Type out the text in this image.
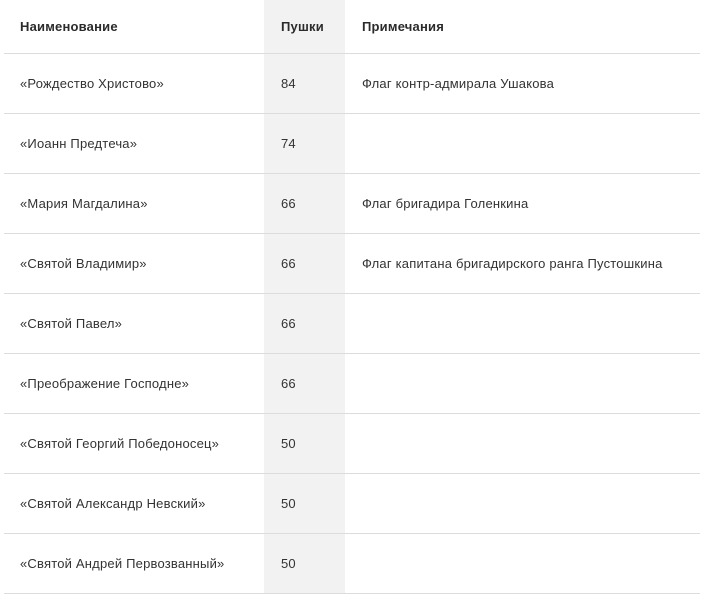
Наименование	Пушки	Примечания
«Рождество Христово»	84	Флаг контр-адмирала Ушакова
«Иоанн Предтеча»	74	
«Мария Магдалина»	66	Флаг бригадира Голенкина
«Святой Владимир»	66	Флаг капитана бригадирского ранга Пустошкина
«Святой Павел»	66	
«Преображение Господне»	66	
«Святой Георгий Победоносец»	50	
«Святой Александр Невский»	50	
«Святой Андрей Первозванный»	50	
